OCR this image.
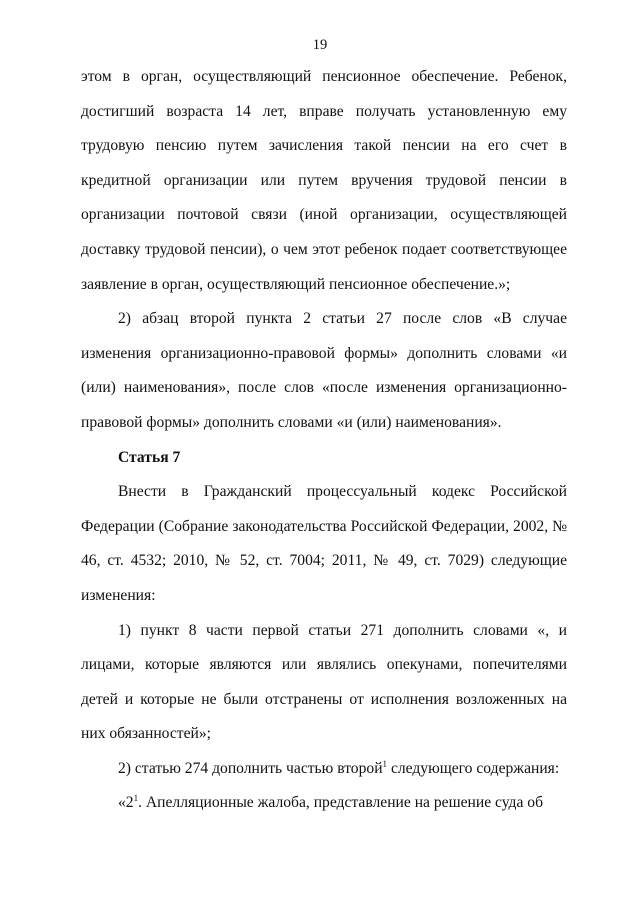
19

этом в орган, осуществляющий пенсионное обеспечение. Ребенок, достигший возраста 14 лет, вправе получать установленную ему трудовую пенсию путем зачисления такой пенсии на его счет в кредитной организации или путем вручения трудовой пенсии в организации почтовой связи (иной организации, осуществляющей доставку трудовой пенсии), о чем этот ребенок подает соответствующее заявление в орган, осуществляющий пенсионное обеспечение.»;

2) абзац второй пункта 2 статьи 27 после слов «В случае изменения организационно-правовой формы» дополнить словами «и (или) наименования», после слов «после изменения организационно-правовой формы» дополнить словами «и (или) наименования».

Статья 7

Внести в Гражданский процессуальный кодекс Российской Федерации (Собрание законодательства Российской Федерации, 2002, № 46, ст. 4532; 2010, № 52, ст. 7004; 2011, № 49, ст. 7029) следующие изменения:

1) пункт 8 части первой статьи 271 дополнить словами «, и лицами, которые являются или являлись опекунами, попечителями детей и которые не были отстранены от исполнения возложенных на них обязанностей»;

2) статью 274 дополнить частью второй$^1$ следующего содержания:

«$2^1$. Апелляционные жалоба, представление на решение суда об
